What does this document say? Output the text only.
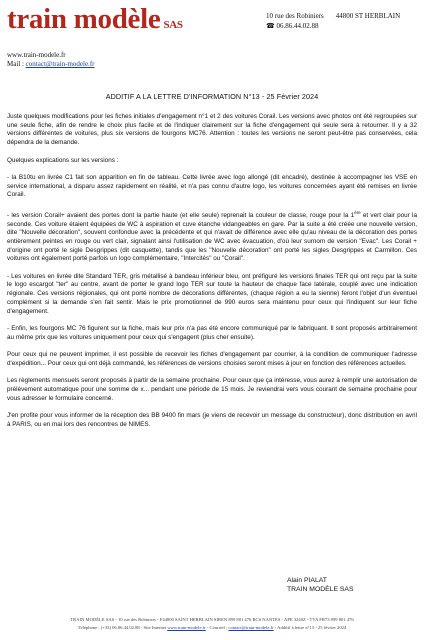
train modèle SAS
10 rue des Robiniers 44800 ST HERBLAIN
☎ 06.86.44.02.88
www.train-modele.fr
Mail : contact@train-modele.fr
ADDITIF A LA LETTRE D'INFORMATION N°13 - 25 Février 2024

Juste quelques modifications pour les fiches initiales d'engagement n°1 et 2 des voitures Corail. Les versions avec photos ont été regroupées sur une seule fiche, afin de rendre le choix plus facile et de l'indiquer clairement sur la fiche d'engagement qui seule sera à retourner. Il y a 32 versions différentes de voitures, plus six versions de fourgons MC76. Attention : toutes les versions ne seront peut-être pas conservées, cela dépendra de la demande.

Quelques explications sur les versions :

- la B10tu en livrée C1 fait son apparition en fin de tableau. Cette livrée avec logo allongé (dit encadré), destinée à accompagner les VSE en service international, a disparu assez rapidement en réalité, et n'a pas connu d'autre logo, les voitures concernées ayant été remises en livrée Corail.

- les version Corail+ avaient des portes dont la partie haute (et elle seule) reprenait la couleur de classe, rouge pour la 1ère et vert clair pour la seconde. Ces voiture étaient équipées de WC à aspiration et cuve étanche vidangeables en gare. Par la suite a été créée une nouvelle version, dite "Nouvelle décoration", souvent confondue avec la précédente et qui n'avait de différence avec elle qu'au niveau de la décoration des portes entièrement peintes en rouge ou vert clair, signalant ainsi l'utilisation de WC avec évacuation, d'où leur surnom de version "Evac". Les Corail + d'origine ont porté le sigle Desgrippes (dit casquette), tandis que les "Nouvelle décoration" ont porté les sigles Desgrippes et Carmillon. Ces voitures ont également porté parfois un logo complémentaire, "Intercités" ou "Corail".

- Les voitures en livrée dite Standard TER, gris métallisé à bandeau inférieur bleu, ont préfiguré les versions finales TER qui ont reçu par la suite le logo escargot "ter" au centre, avant de porter le grand logo TER sur toute la hauteur de chaque face latérale, couplé avec une indication régionale. Ces versions régionales, qui ont porté nombre de décorations différentes, (chaque région a eu la sienne) feront l'objet d'un éventuel complément si la demande s'en fait sentir. Mais le prix promotionnel de 990 euros sera maintenu pour ceux qui l'indiquent sur leur fiche d'engagement.

- Enfin, les fourgons MC 76 figurent sur la fiche, mais leur prix n'a pas été encore communiqué par le fabriquant. Il sont proposés arbitrairement au même prix que les voitures uniquement pour ceux qui s'engagent (plus cher ensuite).

Pour ceux qui ne peuvent imprimer, il est possible de recevoir les fiches d'engagement par courrier, à la condition de communiquer l'adresse d'expédition... Pour ceux qui ont déjà commandé, les références de versions choisies seront mises à jour en fonction des références actuelles.

Les règlements mensuels seront proposés à partir de la semaine prochaine. Pour ceux que ça intéresse, vous aurez à remplir une autorisation de prélèvement automatique pour une somme de x... pendant une période de 15 mois. Je reviendrai vers vous courant de semaine prochaine pour vous adresser le formulaire concerné.

J'en profite pour vous informer de la réception des BB 9400 fin mars (je viens de recevoir un message du constructeur), donc distribution en avril à PARIS, ou en mai lors des rencontres de NIMES.

Alain PIALAT
TRAIN MODÈLE SAS
TRAIN MODÈLE SAS - 10 rue des Robiniers - F44800 SAINT HERBLAIN SIREN 899 801 476 RCS NANTES - APE 3240Z - TVA FR73 899 801 476
Téléphone : (+33) 06.86.44.02.88 - Site Internet www.train-modele.fr - Courriel : contact@train-modele.fr - Additif à lettre n°13 - 25 février 2024
